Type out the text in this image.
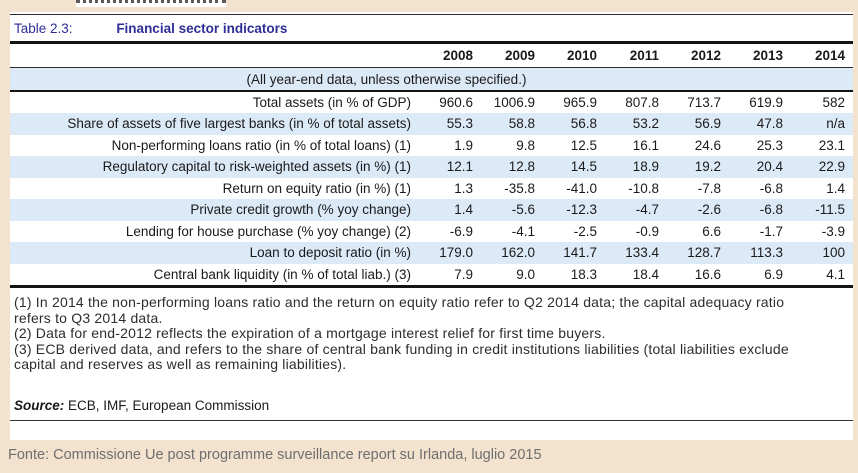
Table 2.3:	Financial sector indicators
	2008	2009	2010	2011	2012	2013	2014
(All year-end data, unless otherwise specified.)							
Total assets (in % of GDP)	960.6	1006.9	965.9	807.8	713.7	619.9	582
Share of assets of five largest banks (in % of total assets)	55.3	58.8	56.8	53.2	56.9	47.8	n/a
Non-performing loans ratio (in % of total loans) (1)	1.9	9.8	12.5	16.1	24.6	25.3	23.1
Regulatory capital to risk-weighted assets (in %) (1)	12.1	12.8	14.5	18.9	19.2	20.4	22.9
Return on equity ratio (in %) (1)	1.3	-35.8	-41.0	-10.8	-7.8	-6.8	1.4
Private credit growth (% yoy change)	1.4	-5.6	-12.3	-4.7	-2.6	-6.8	-11.5
Lending for house purchase (% yoy change) (2)	-6.9	-4.1	-2.5	-0.9	6.6	-1.7	-3.9
Loan to deposit ratio (in %)	179.0	162.0	141.7	133.4	128.7	113.3	100
Central bank liquidity (in % of total liab.) (3)	7.9	9.0	18.3	18.4	16.6	6.9	4.1

(1) In 2014 the non-performing loans ratio and the return on equity ratio refer to Q2 2014 data; the capital adequacy ratio refers to Q3 2014 data.

(2) Data for end-2012 reflects the expiration of a mortgage interest relief for first time buyers.

(3) ECB derived data, and refers to the share of central bank funding in credit institutions liabilities (total liabilities exclude capital and reserves as well as remaining liabilities).

Source: ECB, IMF, European Commission
Fonte: Commissione Ue post programme surveillance report su Irlanda, luglio 2015
